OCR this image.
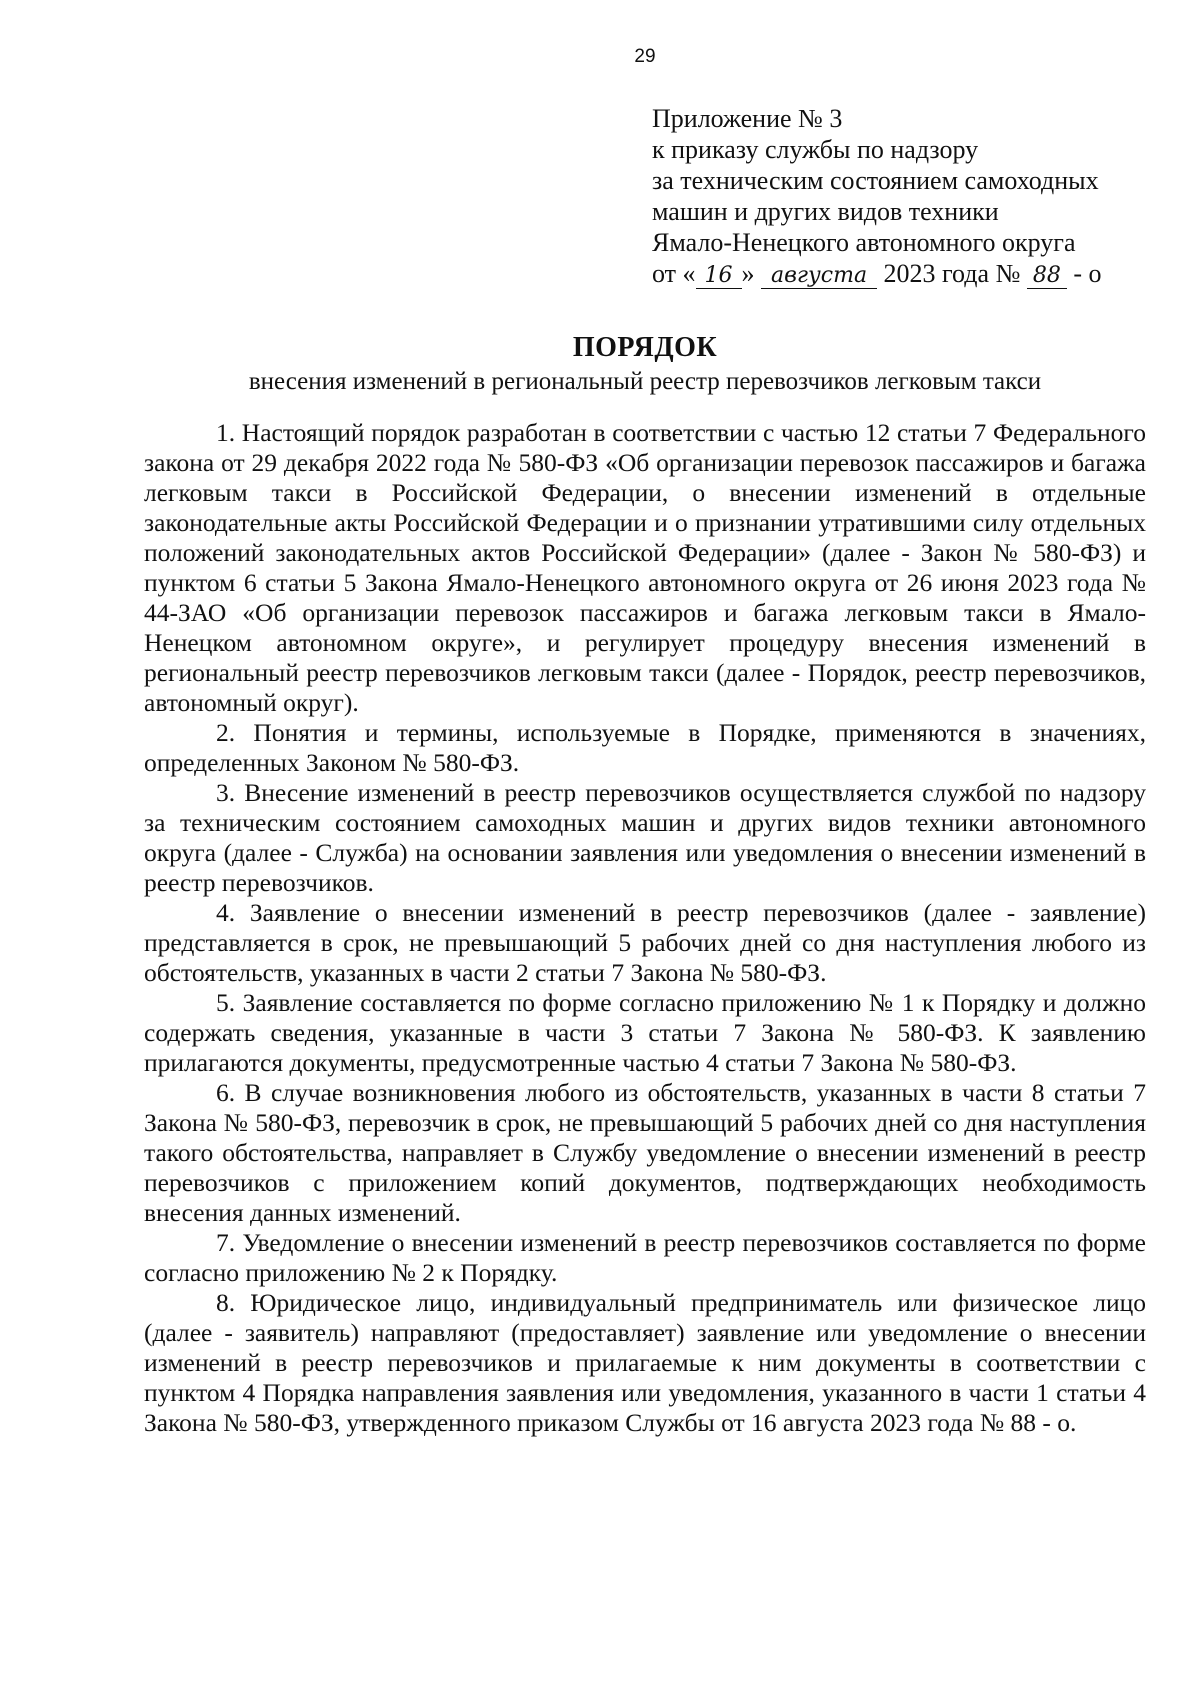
29
Приложение № 3
к приказу службы по надзору
за техническим состоянием самоходных
машин и других видов техники
Ямало-Ненецкого автономного округа
от « 16 » августа 2023 года № 88 - о
ПОРЯДОК
внесения изменений в региональный реестр перевозчиков легковым такси

1. Настоящий порядок разработан в соответствии с частью 12 статьи 7 Федерального закона от 29 декабря 2022 года № 580-ФЗ «Об организации перевозок пассажиров и багажа легковым такси в Российской Федерации, о внесении изменений в отдельные законодательные акты Российской Федерации и о признании утратившими силу отдельных положений законодательных актов Российской Федерации» (далее - Закон № 580-ФЗ) и пунктом 6 статьи 5 Закона Ямало-Ненецкого автономного округа от 26 июня 2023 года № 44-ЗАО «Об организации перевозок пассажиров и багажа легковым такси в Ямало-Ненецком автономном округе», и регулирует процедуру внесения изменений в региональный реестр перевозчиков легковым такси (далее - Порядок, реестр перевозчиков, автономный округ).

2. Понятия и термины, используемые в Порядке, применяются в значениях, определенных Законом № 580-ФЗ.

3. Внесение изменений в реестр перевозчиков осуществляется службой по надзору за техническим состоянием самоходных машин и других видов техники автономного округа (далее - Служба) на основании заявления или уведомления о внесении изменений в реестр перевозчиков.

4. Заявление о внесении изменений в реестр перевозчиков (далее - заявление) представляется в срок, не превышающий 5 рабочих дней со дня наступления любого из обстоятельств, указанных в части 2 статьи 7 Закона № 580-ФЗ.

5. Заявление составляется по форме согласно приложению № 1 к Порядку и должно содержать сведения, указанные в части 3 статьи 7 Закона № 580-ФЗ. К заявлению прилагаются документы, предусмотренные частью 4 статьи 7 Закона № 580-ФЗ.

6. В случае возникновения любого из обстоятельств, указанных в части 8 статьи 7 Закона № 580-ФЗ, перевозчик в срок, не превышающий 5 рабочих дней со дня наступления такого обстоятельства, направляет в Службу уведомление о внесении изменений в реестр перевозчиков с приложением копий документов, подтверждающих необходимость внесения данных изменений.

7. Уведомление о внесении изменений в реестр перевозчиков составляется по форме согласно приложению № 2 к Порядку.

8. Юридическое лицо, индивидуальный предприниматель или физическое лицо (далее - заявитель) направляют (предоставляет) заявление или уведомление о внесении изменений в реестр перевозчиков и прилагаемые к ним документы в соответствии с пунктом 4 Порядка направления заявления или уведомления, указанного в части 1 статьи 4 Закона № 580-ФЗ, утвержденного приказом Службы от 16 августа 2023 года № 88 - о.
